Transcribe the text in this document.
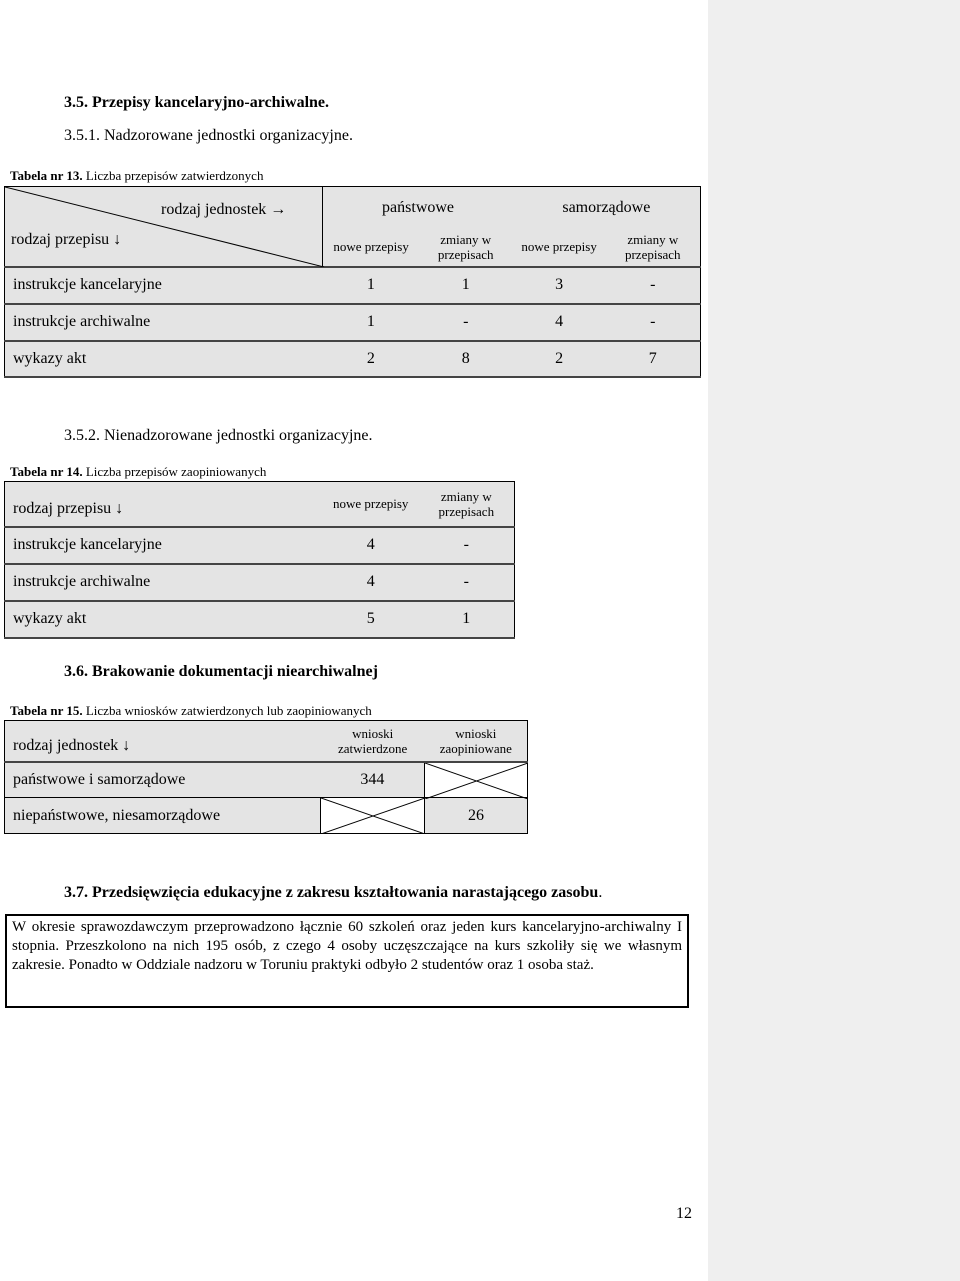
3.5. Przepisy kancelaryjno-archiwalne.
3.5.1. Nadzorowane jednostki organizacyjne.
Tabela nr 13. Liczba przepisów zatwierdzonych
rodzaj jednostek →
rodzaj przepisu ↓	państwowe		samorządowe	
	nowe przepisy	zmiany w przepisach	nowe przepisy	zmiany w przepisach
instrukcje kancelaryjne	1	1	3	-
instrukcje archiwalne	1	-	4	-
wykazy akt	2	8	2	7
3.5.2. Nienadzorowane jednostki organizacyjne.
Tabela nr 14. Liczba przepisów zaopiniowanych
rodzaj przepisu ↓	nowe przepisy	zmiany w przepisach
instrukcje kancelaryjne	4	-
instrukcje archiwalne	4	-
wykazy akt	5	1
3.6. Brakowanie dokumentacji niearchiwalnej
Tabela nr 15. Liczba wniosków zatwierdzonych lub zaopiniowanych
rodzaj jednostek ↓	wnioski zatwierdzone	wnioski zaopiniowane
państwowe i samorządowe	344	

niepaństwowe, niesamorządowe		26
3.7. Przedsięwzięcia edukacyjne z zakresu kształtowania narastającego zasobu.

W okresie sprawozdawczym przeprowadzono łącznie 60 szkoleń oraz jeden kurs kancelaryjno-archiwalny I stopnia. Przeszkolono na nich 195 osób, z czego 4 osoby uczęszczające na kurs szkoliły się we własnym zakresie. Ponadto w Oddziale nadzoru w Toruniu praktyki odbyło 2 studentów oraz 1 osoba staż.

12
